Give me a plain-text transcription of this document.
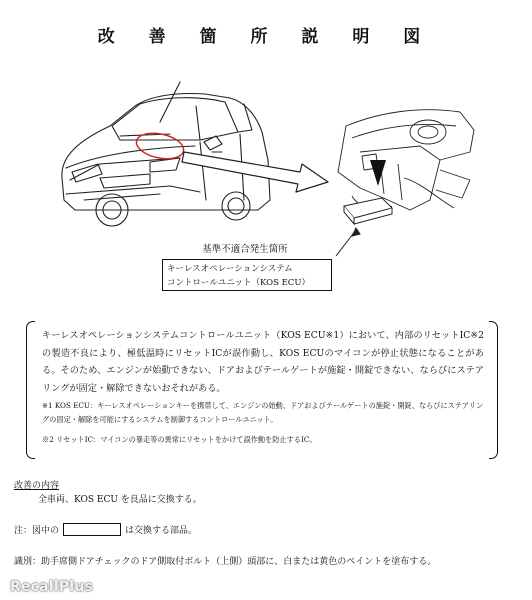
改 善 箇 所 説 明 図
基準不適合発生箇所
キーレスオペレーションシステム
コントロールユニット（KOS ECU）

キーレスオペレーションシステムコントロールユニット（KOS ECU※1）において、内部のリセットIC※2の製造不良により、極低温時にリセットICが誤作動し、KOS ECUのマイコンが停止状態になることがある。そのため、エンジンが始動できない、ドアおよびテールゲートが施錠・開錠できない、ならびにステアリングが固定・解除できないおそれがある。

※1 KOS ECU：キーレスオペレーションキーを携帯して、エンジンの始動、ドアおよびテールゲートの施錠・開錠、ならびにステアリングの固定・解除を可能にするシステムを制御するコントロールユニット。

※2 リセットIC：マイコンの暴走等の異常にリセットをかけて誤作動を防止するIC。

改善の内容
全車両、KOS ECU を良品に交換する。
注：図中の	は交換する部品。
識別：助手席側ドアチェックのドア側取付ボルト（上側）頭部に、白または黄色のペイントを塗布する。
RecallPlus
